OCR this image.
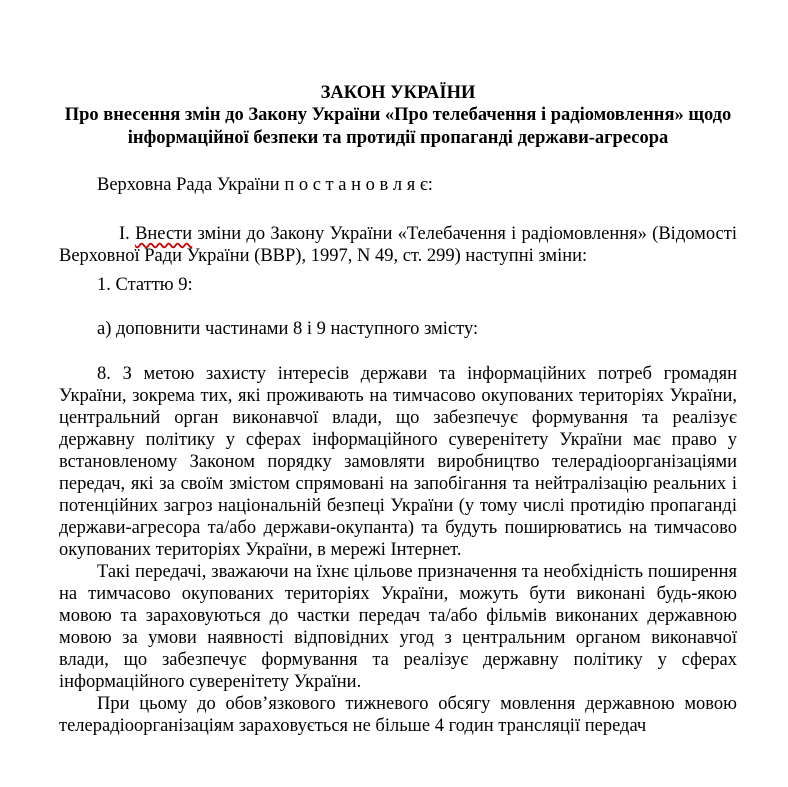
ЗАКОН УКРАЇНИ
Про внесення змін до Закону України «Про телебачення і радіомовлення» щодо
інформаційної безпеки та протидії пропаганді держави-агресора

Верховна Рада України п о с т а н о в л я є:

I. Внести зміни до Закону України «Телебачення і радіомовлення» (Відомості Верховної Ради України (ВВР), 1997, N 49, ст. 299) наступні зміни:

1. Статтю 9:

а) доповнити частинами 8 і 9 наступного змісту:

8. З метою захисту інтересів держави та інформаційних потреб громадян України, зокрема тих, які проживають на тимчасово окупованих територіях України, центральний орган виконавчої влади, що забезпечує формування та реалізує державну політику у сферах інформаційного суверенітету України має право у встановленому Законом порядку замовляти виробництво телерадіоорганізаціями передач, які за своїм змістом спрямовані на запобігання та нейтралізацію реальних і потенційних загроз національній безпеці України (у тому числі протидію пропаганді держави-агресора та/або держави-окупанта) та будуть поширюватись на тимчасово окупованих територіях України, в мережі Інтернет.

Такі передачі, зважаючи на їхнє цільове призначення та необхідність поширення на тимчасово окупованих територіях України, можуть бути виконані будь-якою мовою та зараховуються до частки передач та/або фільмів виконаних державною мовою за умови наявності відповідних угод з центральним органом виконавчої влади, що забезпечує формування та реалізує державну політику у сферах інформаційного суверенітету України.

При цьому до обов’язкового тижневого обсягу мовлення державною мовою телерадіоорганізаціям зараховується не більше 4 годин трансляції передач
